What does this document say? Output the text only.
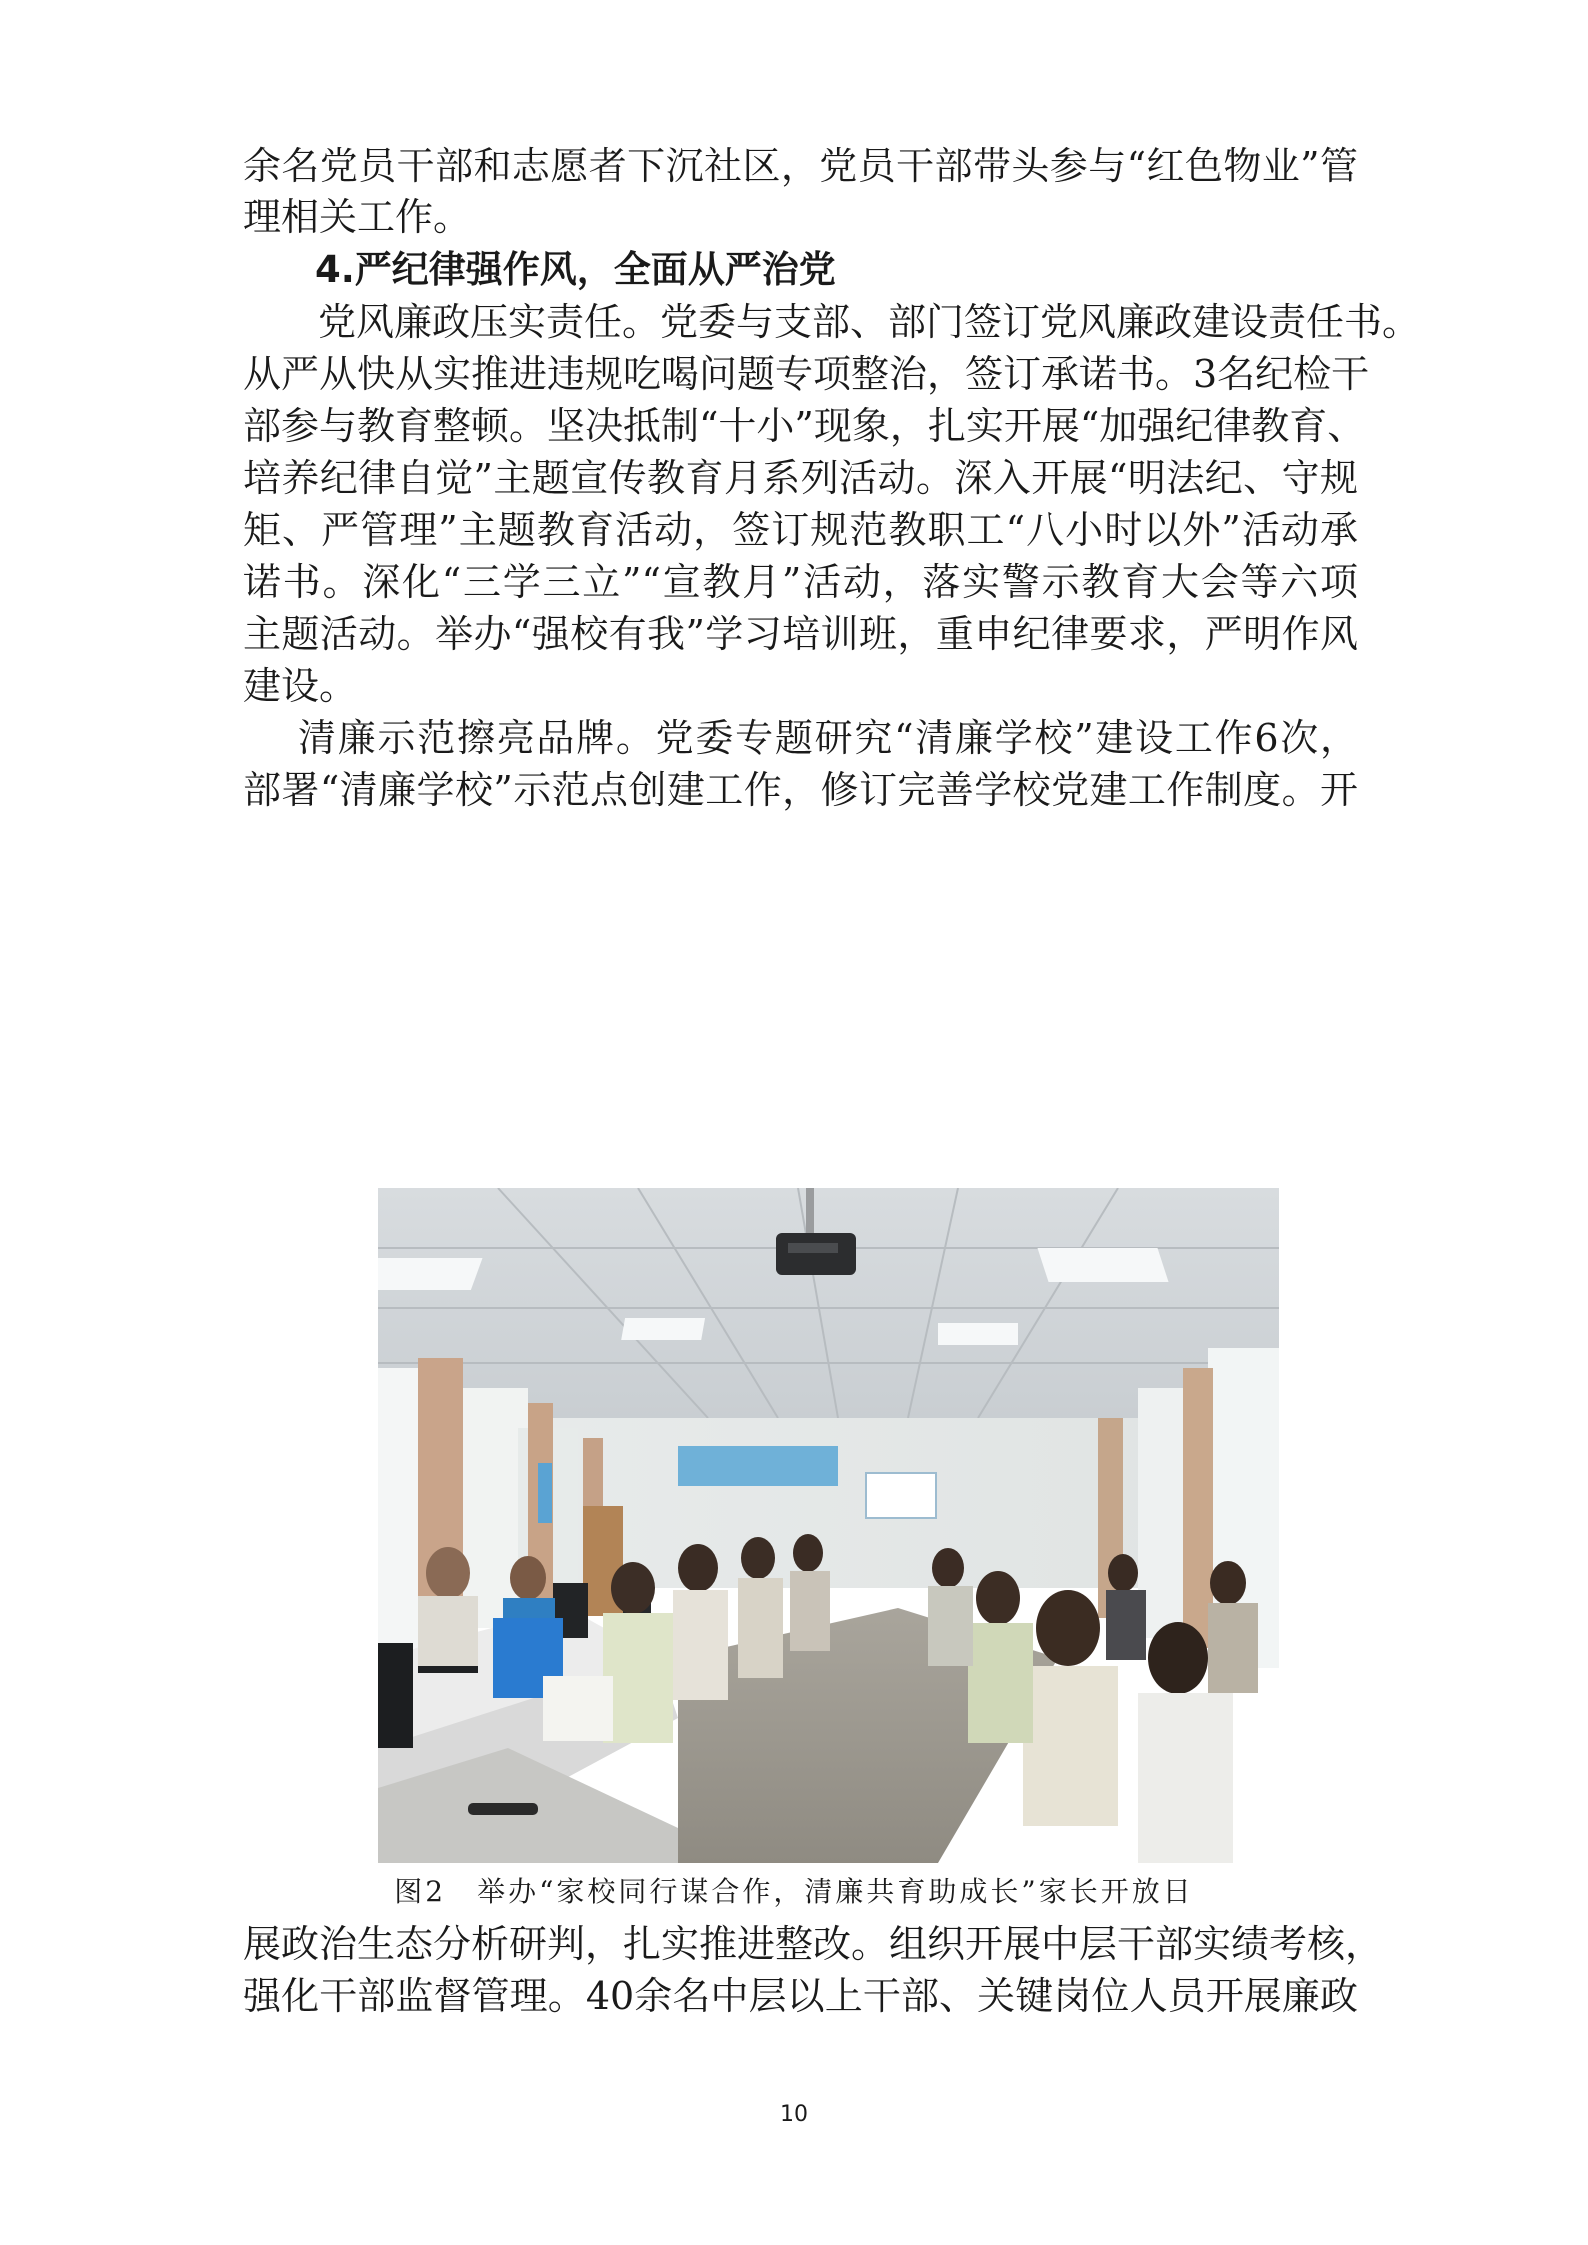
余名党员干部和志愿者下沉社区，党员干部带头参与“红色物业”管
理相关工作。
4.严纪律强作风，全面从严治党
党风廉政压实责任。党委与支部、部门签订党风廉政建设责任书。
从严从快从实推进违规吃喝问题专项整治，签订承诺书。3名纪检干
部参与教育整顿。坚决抵制“十小”现象，扎实开展“加强纪律教育、
培养纪律自觉”主题宣传教育月系列活动。深入开展“明法纪、守规
矩、严管理”主题教育活动，签订规范教职工“八小时以外”活动承
诺书。深化“三学三立”“宣教月”活动，落实警示教育大会等六项
主题活动。举办“强校有我”学习培训班，重申纪律要求，严明作风
建设。
清廉示范擦亮品牌。党委专题研究“清廉学校”建设工作6次，
部署“清廉学校”示范点创建工作，修订完善学校党建工作制度。开
图2　举办“家校同行谋合作，清廉共育助成长”家长开放日
展政治生态分析研判，扎实推进整改。组织开展中层干部实绩考核，
强化干部监督管理。40余名中层以上干部、关键岗位人员开展廉政
10
